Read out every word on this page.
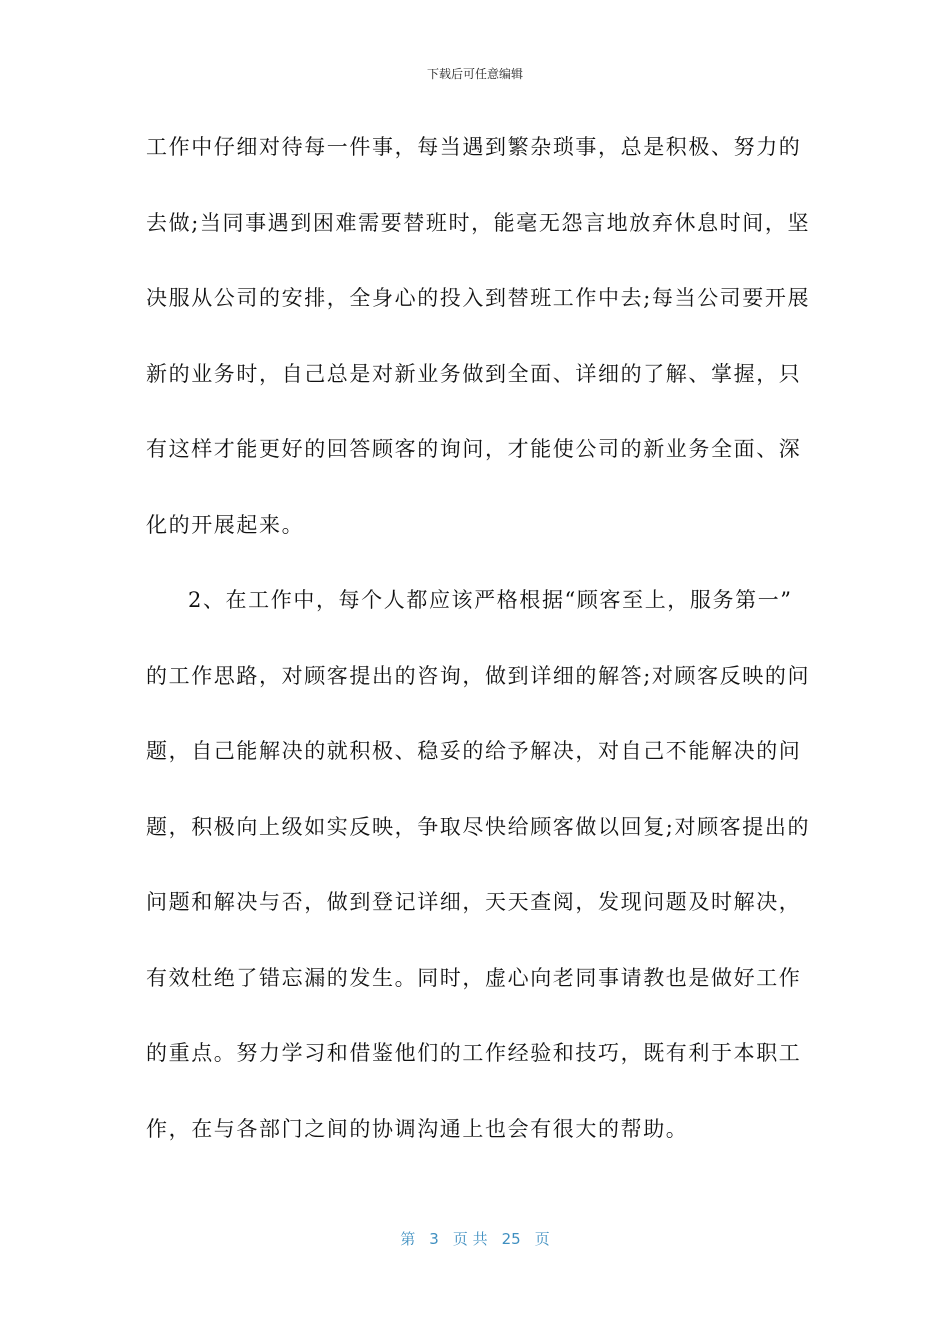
下载后可任意编辑
工作中仔细对待每一件事，每当遇到繁杂琐事，总是积极、努力的
去做;当同事遇到困难需要替班时，能毫无怨言地放弃休息时间，坚
决服从公司的安排，全身心的投入到替班工作中去;每当公司要开展
新的业务时，自己总是对新业务做到全面、详细的了解、掌握，只
有这样才能更好的回答顾客的询问，才能使公司的新业务全面、深
化的开展起来。
2、在工作中，每个人都应该严格根据“顾客至上，服务第一”
的工作思路，对顾客提出的咨询，做到详细的解答;对顾客反映的问
题，自己能解决的就积极、稳妥的给予解决，对自己不能解决的问
题，积极向上级如实反映，争取尽快给顾客做以回复;对顾客提出的
问题和解决与否，做到登记详细，天天查阅，发现问题及时解决，
有效杜绝了错忘漏的发生。同时，虚心向老同事请教也是做好工作
的重点。努力学习和借鉴他们的工作经验和技巧，既有利于本职工
作，在与各部门之间的协调沟通上也会有很大的帮助。
第 3 页 共 25 页
